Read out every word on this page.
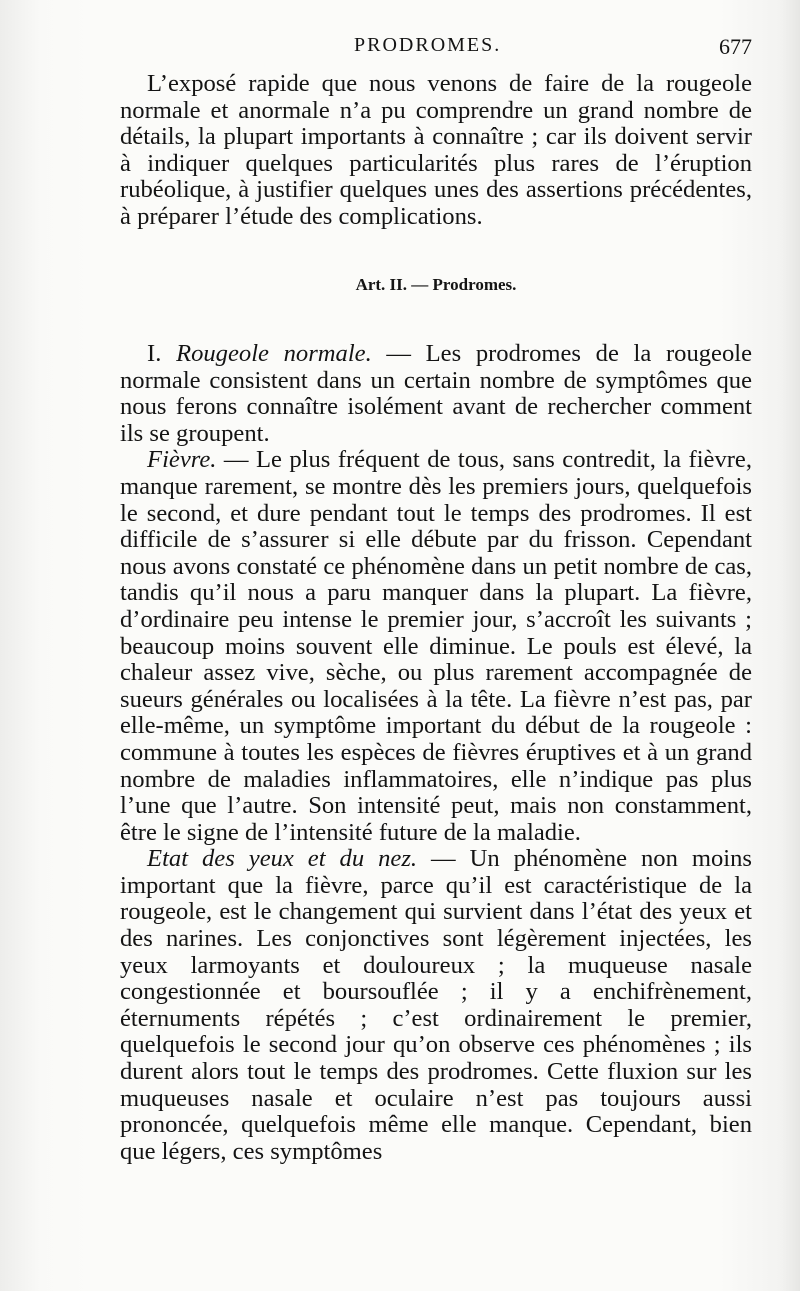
PRODROMES.	677

L’exposé rapide que nous venons de faire de la rougeole normale et anormale n’a pu comprendre un grand nombre de détails, la plupart importants à connaître ; car ils doivent servir à indiquer quelques particularités plus rares de l’éruption rubéolique, à justifier quelques unes des assertions précédentes, à préparer l’étude des complications.

Art. II. — Prodromes.

I. Rougeole normale. — Les prodromes de la rougeole normale consistent dans un certain nombre de symptômes que nous ferons connaître isolément avant de rechercher comment ils se groupent.

Fièvre. — Le plus fréquent de tous, sans contredit, la fièvre, manque rarement, se montre dès les premiers jours, quelquefois le second, et dure pendant tout le temps des prodromes. Il est difficile de s’assurer si elle débute par du frisson. Cependant nous avons constaté ce phénomène dans un petit nombre de cas, tandis qu’il nous a paru manquer dans la plupart. La fièvre, d’ordinaire peu intense le premier jour, s’accroît les suivants ; beaucoup moins souvent elle diminue. Le pouls est élevé, la chaleur assez vive, sèche, ou plus rarement accompagnée de sueurs générales ou localisées à la tête. La fièvre n’est pas, par elle-même, un symptôme important du début de la rougeole : commune à toutes les espèces de fièvres éruptives et à un grand nombre de maladies inflammatoires, elle n’indique pas plus l’une que l’autre. Son intensité peut, mais non constamment, être le signe de l’intensité future de la maladie.

Etat des yeux et du nez. — Un phénomène non moins important que la fièvre, parce qu’il est caractéristique de la rougeole, est le changement qui survient dans l’état des yeux et des narines. Les conjonctives sont légèrement injectées, les yeux larmoyants et douloureux ; la muqueuse nasale congestionnée et boursouflée ; il y a enchifrènement, éternuments répétés ; c’est ordinairement le premier, quelquefois le second jour qu’on observe ces phénomènes ; ils durent alors tout le temps des prodromes. Cette fluxion sur les muqueuses nasale et oculaire n’est pas toujours aussi prononcée, quelquefois même elle manque. Cependant, bien que légers, ces symptômes
